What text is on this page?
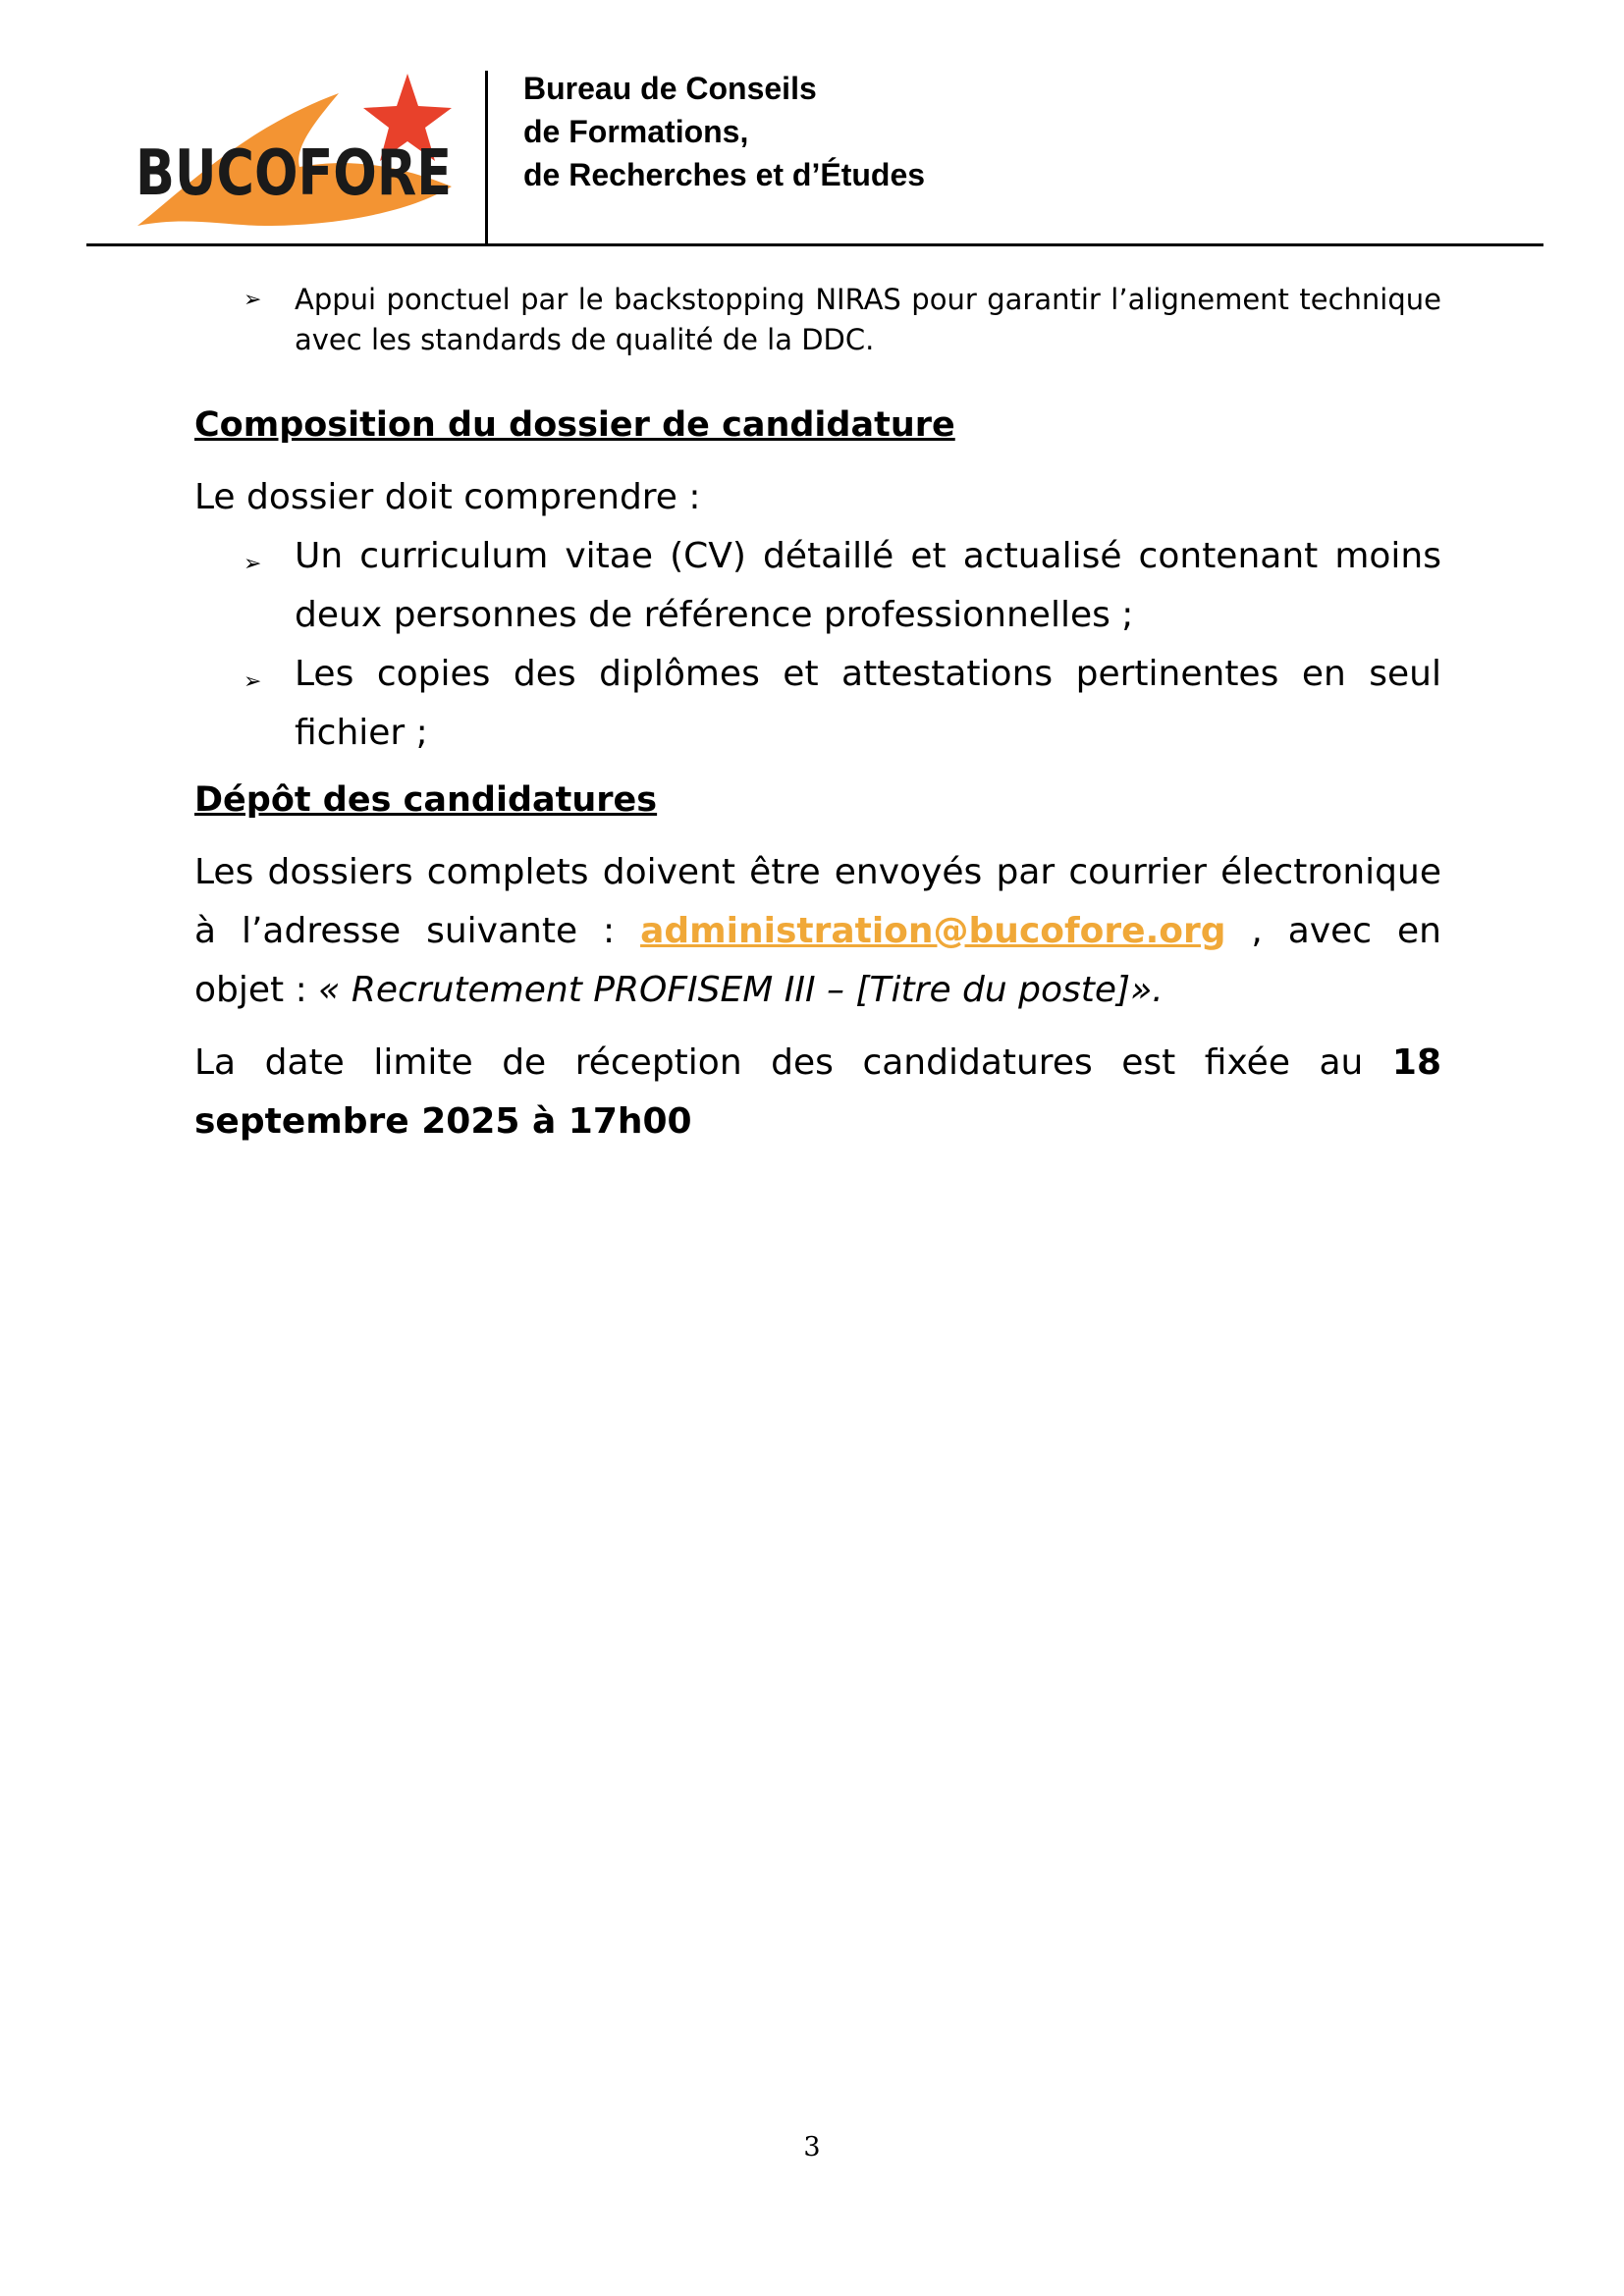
BUCOFORE
Bureau de Conseils
de Formations,
de Recherches et d’Études
➢ Appui ponctuel par le backstopping NIRAS pour garantir l’alignement technique avec les standards de qualité de la DDC.
Composition du dossier de candidature
Le dossier doit comprendre :
➢ Un curriculum vitae (CV) détaillé et actualisé contenant moins deux personnes de référence professionnelles ;
➢ Les copies des diplômes et attestations pertinentes en seul fichier ;
Dépôt des candidatures
Les dossiers complets doivent être envoyés par courrier électronique à l’adresse suivante : administration@bucofore.org , avec en objet : « Recrutement PROFISEM III – [Titre du poste]».
La date limite de réception des candidatures est fixée au 18 septembre 2025 à 17h00
3
